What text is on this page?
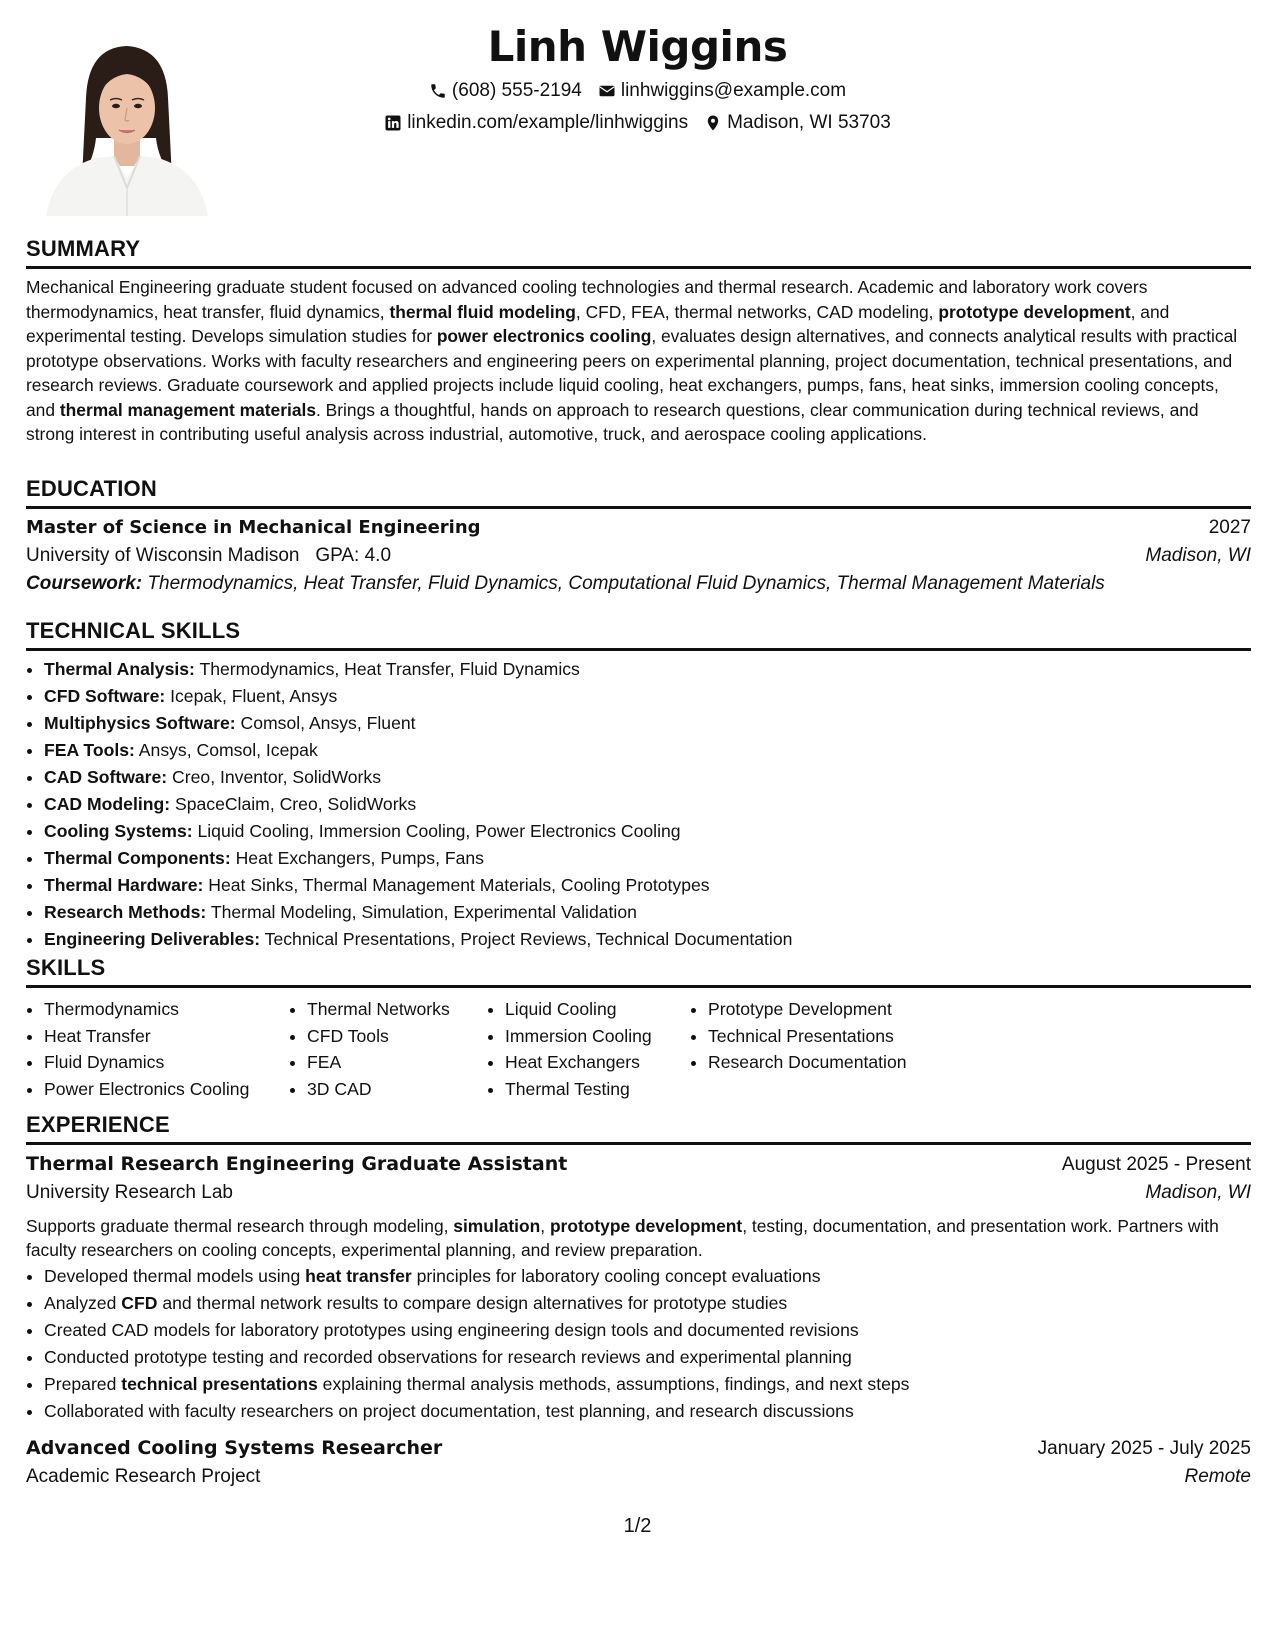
Linh Wiggins
(608) 555-2194 linhwiggins@example.com
linkedin.com/example/linhwiggins Madison, WI 53703
SUMMARY
Mechanical Engineering graduate student focused on advanced cooling technologies and thermal research. Academic and laboratory work covers thermodynamics, heat transfer, fluid dynamics, thermal fluid modeling, CFD, FEA, thermal networks, CAD modeling, prototype development, and experimental testing. Develops simulation studies for power electronics cooling, evaluates design alternatives, and connects analytical results with practical prototype observations. Works with faculty researchers and engineering peers on experimental planning, project documentation, technical presentations, and research reviews. Graduate coursework and applied projects include liquid cooling, heat exchangers, pumps, fans, heat sinks, immersion cooling concepts, and thermal management materials. Brings a thoughtful, hands on approach to research questions, clear communication during technical reviews, and strong interest in contributing useful analysis across industrial, automotive, truck, and aerospace cooling applications.
EDUCATION
Master of Science in Mechanical Engineering	2027
University of Wisconsin Madison GPA: 4.0	Madison, WI
Coursework: Thermodynamics, Heat Transfer, Fluid Dynamics, Computational Fluid Dynamics, Thermal Management Materials
TECHNICAL SKILLS
• Thermal Analysis: Thermodynamics, Heat Transfer, Fluid Dynamics
• CFD Software: Icepak, Fluent, Ansys
• Multiphysics Software: Comsol, Ansys, Fluent
• FEA Tools: Ansys, Comsol, Icepak
• CAD Software: Creo, Inventor, SolidWorks
• CAD Modeling: SpaceClaim, Creo, SolidWorks
• Cooling Systems: Liquid Cooling, Immersion Cooling, Power Electronics Cooling
• Thermal Components: Heat Exchangers, Pumps, Fans
• Thermal Hardware: Heat Sinks, Thermal Management Materials, Cooling Prototypes
• Research Methods: Thermal Modeling, Simulation, Experimental Validation
• Engineering Deliverables: Technical Presentations, Project Reviews, Technical Documentation
SKILLS
• Thermodynamics
• Heat Transfer
• Fluid Dynamics
• Power Electronics Cooling
• Thermal Networks
• CFD Tools
• FEA
• 3D CAD
• Liquid Cooling
• Immersion Cooling
• Heat Exchangers
• Thermal Testing
• Prototype Development
• Technical Presentations
• Research Documentation
EXPERIENCE
Thermal Research Engineering Graduate Assistant	August 2025 - Present
University Research Lab	Madison, WI
Supports graduate thermal research through modeling, simulation, prototype development, testing, documentation, and presentation work. Partners with faculty researchers on cooling concepts, experimental planning, and review preparation.
• Developed thermal models using heat transfer principles for laboratory cooling concept evaluations
• Analyzed CFD and thermal network results to compare design alternatives for prototype studies
• Created CAD models for laboratory prototypes using engineering design tools and documented revisions
• Conducted prototype testing and recorded observations for research reviews and experimental planning
• Prepared technical presentations explaining thermal analysis methods, assumptions, findings, and next steps
• Collaborated with faculty researchers on project documentation, test planning, and research discussions
Advanced Cooling Systems Researcher	January 2025 - July 2025
Academic Research Project	Remote
1/2
